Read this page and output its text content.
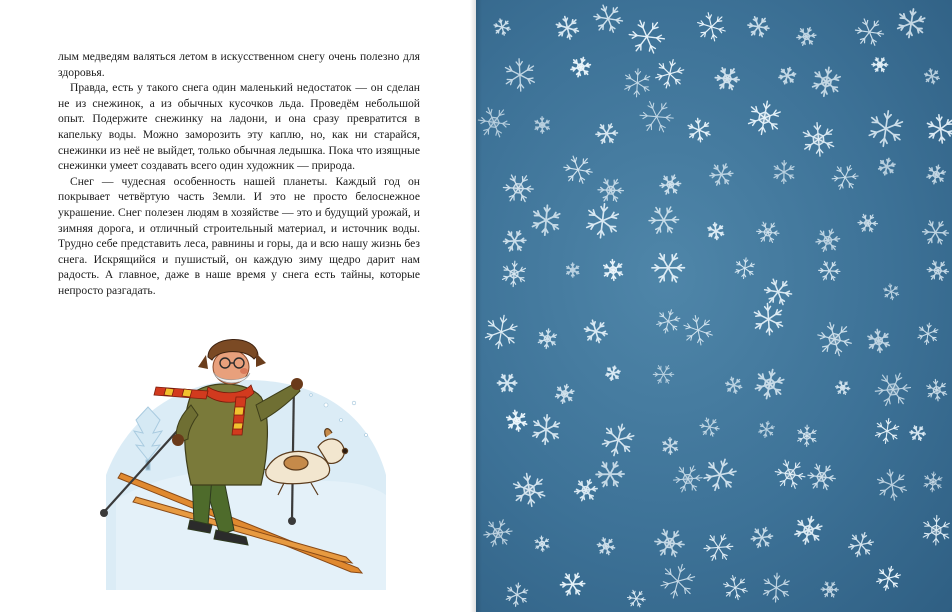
лым медведям валяться летом в искусственном снегу очень полезно для здоровья.

Правда, есть у такого снега один маленький недостаток — он сделан не из снежинок, а из обычных кусочков льда. Проведём небольшой опыт. Подержите снежинку на ладони, и она сразу превратится в капельку воды. Можно заморозить эту каплю, но, как ни старайся, снежинки из неё не выйдет, только обычная ледышка. Пока что изящные снежинки умеет создавать всего один художник — природа.

Снег — чудесная особенность нашей планеты. Каждый год он покрывает четвёртую часть Земли. И это не просто белоснежное украшение. Снег полезен людям в хозяйстве — это и будущий урожай, и зимняя дорога, и отличный строительный материал, и источник воды. Трудно себе представить леса, равнины и горы, да и всю нашу жизнь без снега. Искрящийся и пушистый, он каждую зиму щедро дарит нам радость. А главное, даже в наше время у снега есть тайны, которые непросто разгадать.
